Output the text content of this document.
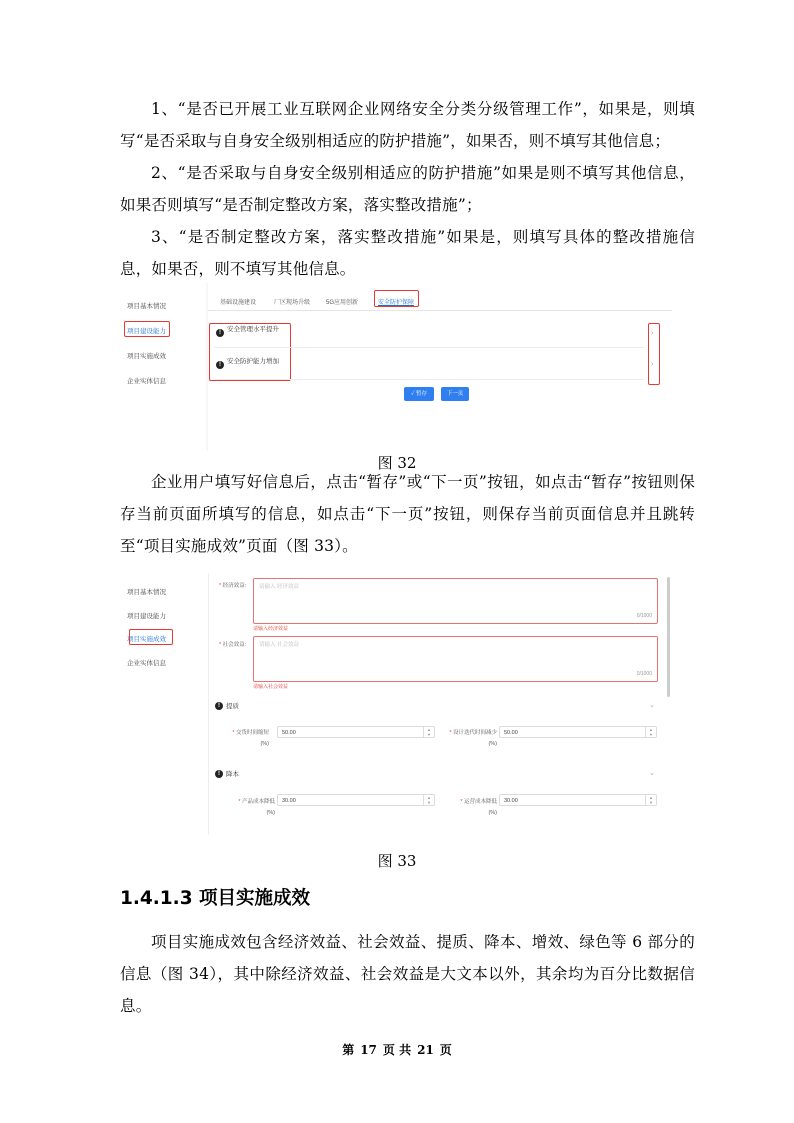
1、“是否已开展工业互联网企业网络安全分类分级管理工作”，如果是，则填写“是否采取与自身安全级别相适应的防护措施”，如果否，则不填写其他信息；

2、“是否采取与自身安全级别相适应的防护措施”如果是则不填写其他信息，如果否则填写“是否制定整改方案，落实整改措施”；

3、“是否制定整改方案，落实整改措施”如果是，则填写具体的整改措施信息，如果否，则不填写其他信息。

项目基本情况
项目建设能力
项目实施成效
企业实体信息
基础设施建设	厂区现场升级	5G应用创新	安全防护保障
!安全管理水平提升
!安全防护能力增加
›
›
✓ 暂存	下一页
图 32

企业用户填写好信息后，点击“暂存”或“下一页”按钮，如点击“暂存”按钮则保存当前页面所填写的信息，如点击“下一页”按钮，则保存当前页面信息并且跳转至“项目实施成效”页面（图 33）。

项目基本情况
项目建设能力
项目实施成效
企业实体信息
* 经济效益: 请输入 经济效益
0/1000
请输入经济效益
* 社会效益: 请输入 社会效益
0/1000
请输入社会效益
! 提质	⌄
* 交货时间缩短
(%)
50.00
▲
▼	* 设计迭代时间减少
(%)
50.00
▲
▼
! 降本	⌄
* 产品成本降低
(%)
30.00
▲
▼	* 运营成本降低
(%)
30.00
▲
▼
图 33
1.4.1.3 项目实施成效

项目实施成效包含经济效益、社会效益、提质、降本、增效、绿色等 6 部分的信息（图 34），其中除经济效益、社会效益是大文本以外，其余均为百分比数据信息。

第 17 页 共 21 页
